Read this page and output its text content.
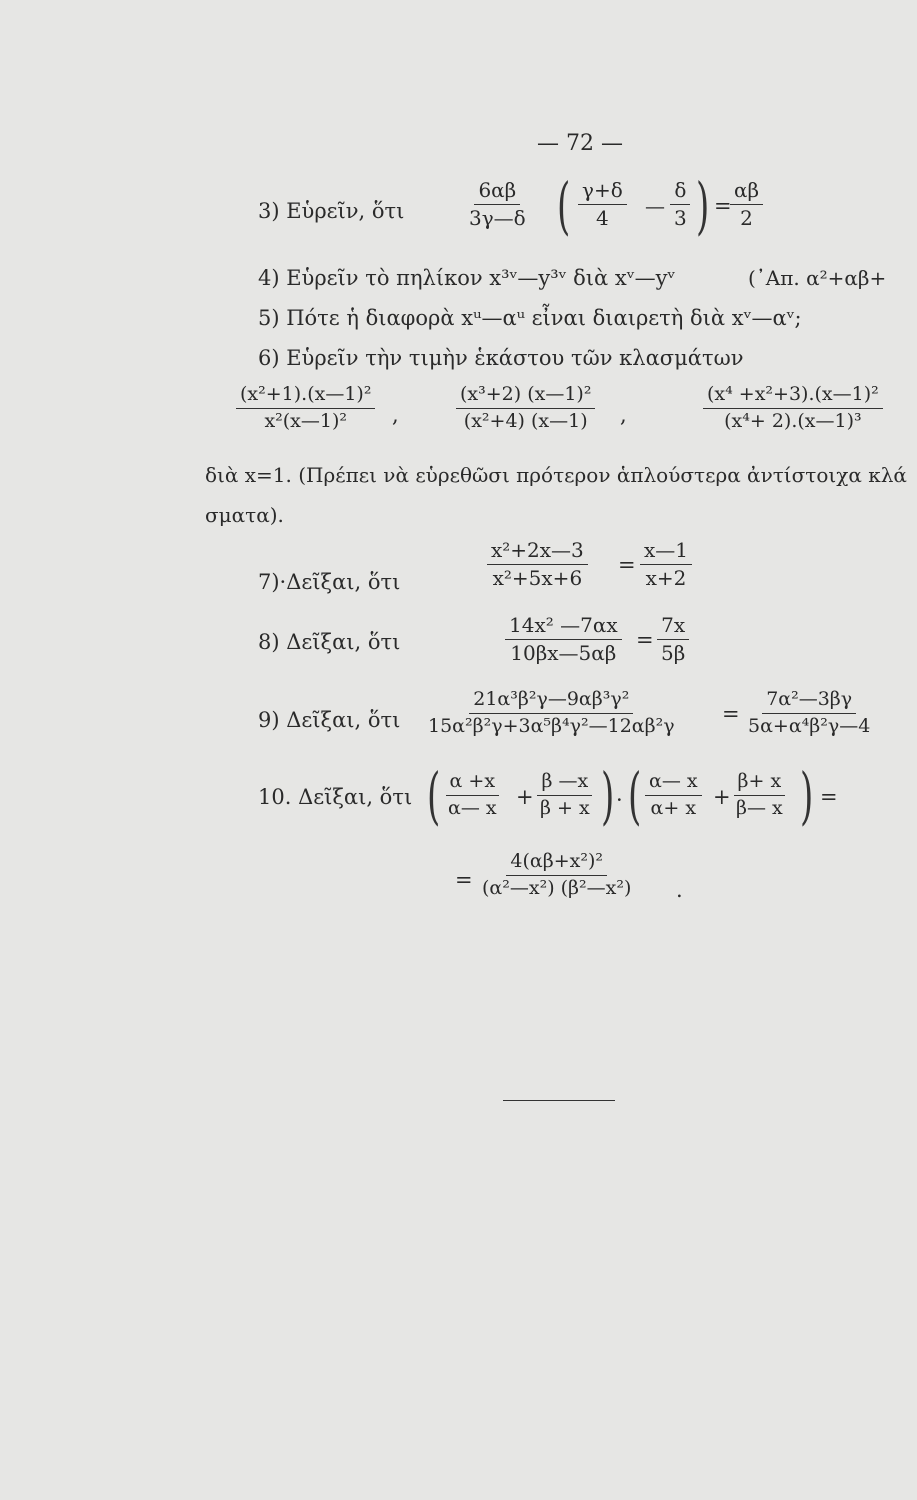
— 72 —
3) Εὑρεῖν, ὅτι	$\frac{6\alpha\beta}{3\gamma—\delta}$ ( $\frac{\gamma+\delta}{4}$ — $\frac{\delta}{3}$ ) =
$\frac{\alpha\beta}{2}$
4) Εὑρεῖν τὸ πηλίκον x³ᵛ—y³ᵛ διὰ xᵛ—yᵛ	(᾽Απ. α²+αβ+
5) Πότε ἡ διαφορὰ xᵘ—αᵘ εἶναι διαιρετὴ διὰ xᵛ—αᵛ;
6) Εὑρεῖν τὴν τιμὴν ἑκάστου τῶν κλασμάτων
$\frac{\text{(x²+1).(x—1)²}}{\text{x²(x—1)²}}$ ,	$\frac{\text{(x³+2) (x—1)²}}{\text{(x²+4) (x—1)}}$ ,	$\frac{\text{(x⁴ +x²+3).(x—1)²}}{\text{(x⁴+ 2).(x—1)³}}$
διὰ x=1. (Πρέπει νὰ εὑρεθῶσι πρότερον ἁπλούστερα ἀντίστοιχα κλά
σματα).
7)·Δεῖξαι, ὅτι	$\frac{\text{x²+2x—3}}{\text{x²+5x+6}} = \frac{x—1}{x+2}$
8) Δεῖξαι, ὅτι	$\frac{\text{14x² —7αx}}{10\beta x—5\alpha\beta} = \frac{7x}{5\beta}$
9) Δεῖξαι, ὅτι $\frac{\text{21α³β²γ—9αβ³γ²}}{\text{15α²β²γ+3α⁵β⁴γ²—12αβ²γ}} = \frac{\text{7α²—3βγ}}{\text{5α+α⁴β²γ—4}}$
10. Δεῖξαι, ὅτι ( $\frac{\alpha +x}{\alpha— x} + \frac{\beta —x}{\beta + x}$ ) · ( $\frac{\alpha— x}{\alpha+ x} + \frac{\beta+ x}{\beta— x}$ ) =
= $\frac{\text{4(αβ+x²)²}}{\text{(α²—x²) (β²—x²)}}$ .
